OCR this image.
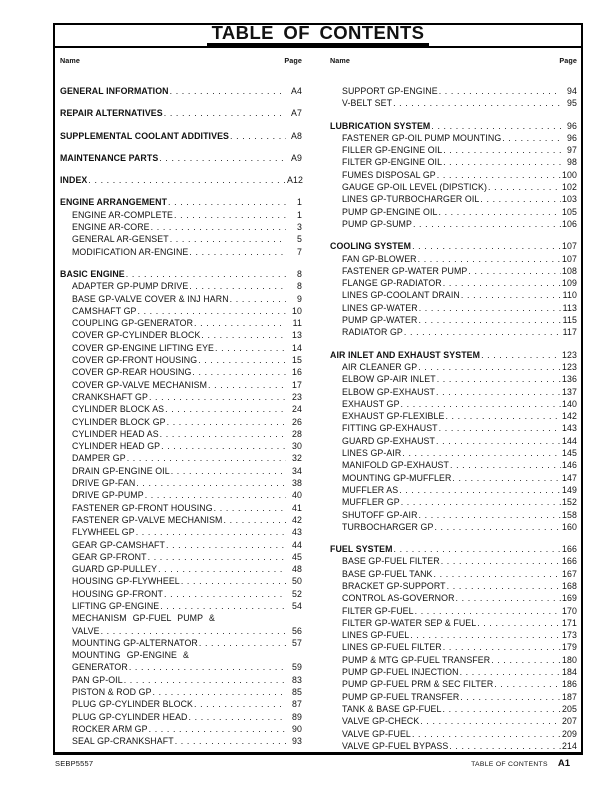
TABLE OF CONTENTS
Name	Page
GENERAL INFORMATION . . .	A4
REPAIR ALTERNATIVES . . .	A7
SUPPLEMENTAL COOLANT ADDITIVES . . .	A8
MAINTENANCE PARTS . . .	A9
INDEX . . .	A12
ENGINE ARRANGEMENT . . .	1
ENGINE AR-COMPLETE . . .	1
ENGINE AR-CORE . . .	3
GENERAL AR-GENSET . . .	5
MODIFICATION AR-ENGINE . . .	7
BASIC ENGINE . . .	8
ADAPTER GP-PUMP DRIVE . . .	8
BASE GP-VALVE COVER & INJ HARN . . .	9
CAMSHAFT GP . . .	10
COUPLING GP-GENERATOR . . .	11
COVER GP-CYLINDER BLOCK . . .	13
COVER GP-ENGINE LIFTING EYE . . .	14
COVER GP-FRONT HOUSING . . .	15
COVER GP-REAR HOUSING . . .	16
COVER GP-VALVE MECHANISM . . .	17
CRANKSHAFT GP . . .	23
CYLINDER BLOCK AS . . .	24
CYLINDER BLOCK GP . . .	26
CYLINDER HEAD AS . . .	28
CYLINDER HEAD GP . . .	30
DAMPER GP . . .	32
DRAIN GP-ENGINE OIL . . .	34
DRIVE GP-FAN . . .	38
DRIVE GP-PUMP . . .	40
FASTENER GP-FRONT HOUSING . . .	41
FASTENER GP-VALVE MECHANISM . . .	42
FLYWHEEL GP . . .	43
GEAR GP-CAMSHAFT . . .	44
GEAR GP-FRONT . . .	45
GUARD GP-PULLEY . . .	48
HOUSING GP-FLYWHEEL . . .	50
HOUSING GP-FRONT . . .	52
LIFTING GP-ENGINE . . .	54
MECHANISM GP-FUEL PUMP &
VALVE . . .	56
MOUNTING GP-ALTERNATOR . . .	57
MOUNTING GP-ENGINE &
GENERATOR . . .	59
PAN GP-OIL . . .	83
PISTON & ROD GP . . .	85
PLUG GP-CYLINDER BLOCK . . .	87
PLUG GP-CYLINDER HEAD . . .	89
ROCKER ARM GP . . .	90
SEAL GP-CRANKSHAFT . . .	93
Name	Page
SUPPORT GP-ENGINE . . .	94
V-BELT SET . . .	95
LUBRICATION SYSTEM . . .	96
FASTENER GP-OIL PUMP MOUNTING . . .	96
FILLER GP-ENGINE OIL . . .	97
FILTER GP-ENGINE OIL . . .	98
FUMES DISPOSAL GP . . .	100
GAUGE GP-OIL LEVEL (DIPSTICK) . . .	102
LINES GP-TURBOCHARGER OIL . . .	103
PUMP GP-ENGINE OIL . . .	105
PUMP GP-SUMP . . .	106
COOLING SYSTEM . . .	107
FAN GP-BLOWER . . .	107
FASTENER GP-WATER PUMP . . .	108
FLANGE GP-RADIATOR . . .	109
LINES GP-COOLANT DRAIN . . .	110
LINES GP-WATER . . .	113
PUMP GP-WATER . . .	115
RADIATOR GP . . .	117
AIR INLET AND EXHAUST SYSTEM . . .	123
AIR CLEANER GP . . .	123
ELBOW GP-AIR INLET . . .	136
ELBOW GP-EXHAUST . . .	137
EXHAUST GP . . .	140
EXHAUST GP-FLEXIBLE . . .	142
FITTING GP-EXHAUST . . .	143
GUARD GP-EXHAUST . . .	144
LINES GP-AIR . . .	145
MANIFOLD GP-EXHAUST . . .	146
MOUNTING GP-MUFFLER . . .	147
MUFFLER AS . . .	149
MUFFLER GP . . .	152
SHUTOFF GP-AIR . . .	158
TURBOCHARGER GP . . .	160
FUEL SYSTEM . . .	166
BASE GP-FUEL FILTER . . .	166
BASE GP-FUEL TANK . . .	167
BRACKET GP-SUPPORT . . .	168
CONTROL AS-GOVERNOR . . .	169
FILTER GP-FUEL . . .	170
FILTER GP-WATER SEP & FUEL . . .	171
LINES GP-FUEL . . .	173
LINES GP-FUEL FILTER . . .	179
PUMP & MTG GP-FUEL TRANSFER . . .	180
PUMP GP-FUEL INJECTION . . .	184
PUMP GP-FUEL PRM & SEC FILTER . . .	186
PUMP GP-FUEL TRANSFER . . .	187
TANK & BASE GP-FUEL . . .	205
VALVE GP-CHECK . . .	207
VALVE GP-FUEL . . .	209
VALVE GP-FUEL BYPASS . . .	214
SEBP5557	TABLE OF CONTENTS A1
